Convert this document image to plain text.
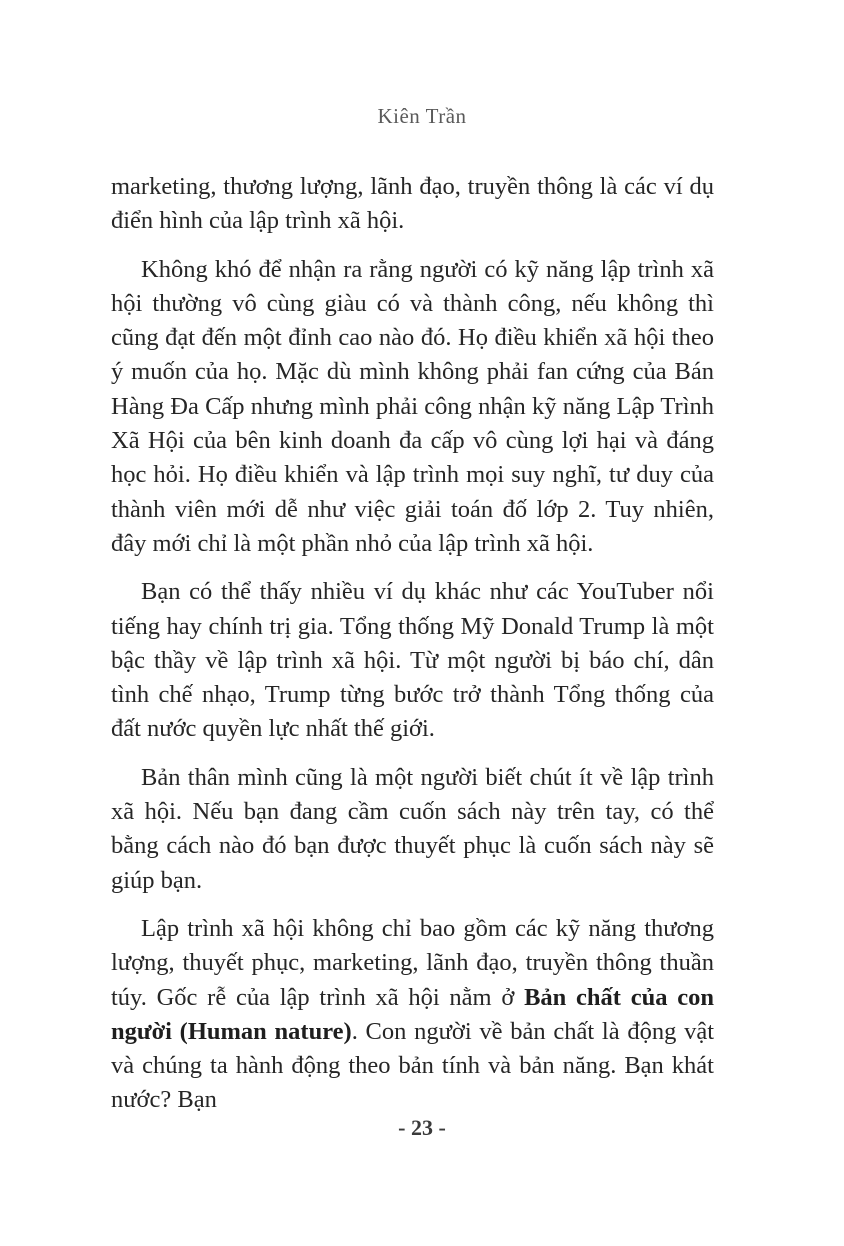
Kiên Trần

marketing, thương lượng, lãnh đạo, truyền thông là các ví dụ điển hình của lập trình xã hội.

Không khó để nhận ra rằng người có kỹ năng lập trình xã hội thường vô cùng giàu có và thành công, nếu không thì cũng đạt đến một đỉnh cao nào đó. Họ điều khiển xã hội theo ý muốn của họ. Mặc dù mình không phải fan cứng của Bán Hàng Đa Cấp nhưng mình phải công nhận kỹ năng Lập Trình Xã Hội của bên kinh doanh đa cấp vô cùng lợi hại và đáng học hỏi. Họ điều khiển và lập trình mọi suy nghĩ, tư duy của thành viên mới dễ như việc giải toán đố lớp 2. Tuy nhiên, đây mới chỉ là một phần nhỏ của lập trình xã hội.

Bạn có thể thấy nhiều ví dụ khác như các YouTuber nổi tiếng hay chính trị gia. Tổng thống Mỹ Donald Trump là một bậc thầy về lập trình xã hội. Từ một người bị báo chí, dân tình chế nhạo, Trump từng bước trở thành Tổng thống của đất nước quyền lực nhất thế giới.

Bản thân mình cũng là một người biết chút ít về lập trình xã hội. Nếu bạn đang cầm cuốn sách này trên tay, có thể bằng cách nào đó bạn được thuyết phục là cuốn sách này sẽ giúp bạn.

Lập trình xã hội không chỉ bao gồm các kỹ năng thương lượng, thuyết phục, marketing, lãnh đạo, truyền thông thuần túy. Gốc rễ của lập trình xã hội nằm ở Bản chất của con người (Human nature). Con người về bản chất là động vật và chúng ta hành động theo bản tính và bản năng. Bạn khát nước? Bạn

- 23 -
